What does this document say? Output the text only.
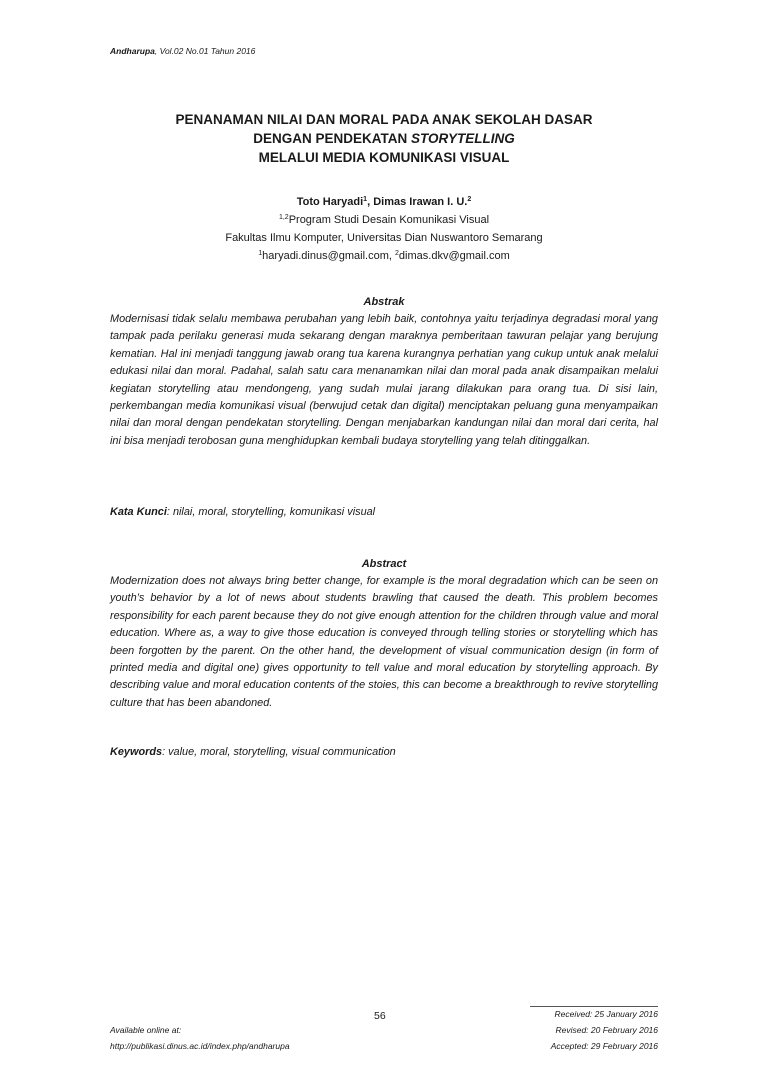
Andharupa, Vol.02 No.01 Tahun 2016
PENANAMAN NILAI DAN MORAL PADA ANAK SEKOLAH DASAR
DENGAN PENDEKATAN STORYTELLING
MELALUI MEDIA KOMUNIKASI VISUAL
Toto Haryadi$^1$, Dimas Irawan I. U.$^2$
$^{1,2}$Program Studi Desain Komunikasi Visual
Fakultas Ilmu Komputer, Universitas Dian Nuswantoro Semarang
$^1$haryadi.dinus@gmail.com, $^2$dimas.dkv@gmail.com
Abstrak
Modernisasi tidak selalu membawa perubahan yang lebih baik, contohnya yaitu terjadinya degradasi moral yang tampak pada perilaku generasi muda sekarang dengan maraknya pemberitaan tawuran pelajar yang berujung kematian. Hal ini menjadi tanggung jawab orang tua karena kurangnya perhatian yang cukup untuk anak melalui edukasi nilai dan moral. Padahal, salah satu cara menanamkan nilai dan moral pada anak disampaikan melalui kegiatan storytelling atau mendongeng, yang sudah mulai jarang dilakukan para orang tua. Di sisi lain, perkembangan media komunikasi visual (berwujud cetak dan digital) menciptakan peluang guna menyampaikan nilai dan moral dengan pendekatan storytelling. Dengan menjabarkan kandungan nilai dan moral dari cerita, hal ini bisa menjadi terobosan guna menghidupkan kembali budaya storytelling yang telah ditinggalkan.
Kata Kunci: nilai, moral, storytelling, komunikasi visual
Abstract
Modernization does not always bring better change, for example is the moral degradation which can be seen on youth’s behavior by a lot of news about students brawling that caused the death. This problem becomes responsibility for each parent because they do not give enough attention for the children through value and moral education. Where as, a way to give those education is conveyed through telling stories or storytelling which has been forgotten by the parent. On the other hand, the development of visual communication design (in form of printed media and digital one) gives opportunity to tell value and moral education by storytelling approach. By describing value and moral education contents of the stoies, this can become a breakthrough to revive storytelling culture that has been abandoned.
Keywords: value, moral, storytelling, visual communication
56
Available online at:
http://publikasi.dinus.ac.id/index.php/andharupa
Received: 25 January 2016
Revised: 20 February 2016
Accepted: 29 February 2016
